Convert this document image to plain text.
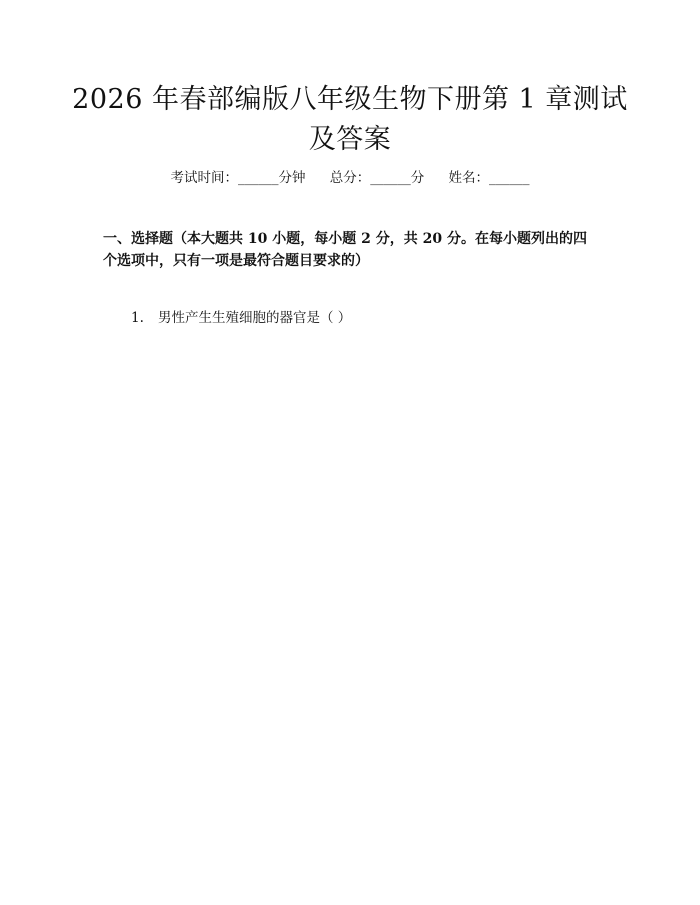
2026 年春部编版八年级生物下册第 1 章测试
及答案
考试时间：______分钟 总分：______分 姓名：______
一、选择题（本大题共 10 小题，每小题 2 分，共 20 分。在每小题列出的四个选项中，只有一项是最符合题目要求的）
1. 男性产生生殖细胞的器官是（ ）
